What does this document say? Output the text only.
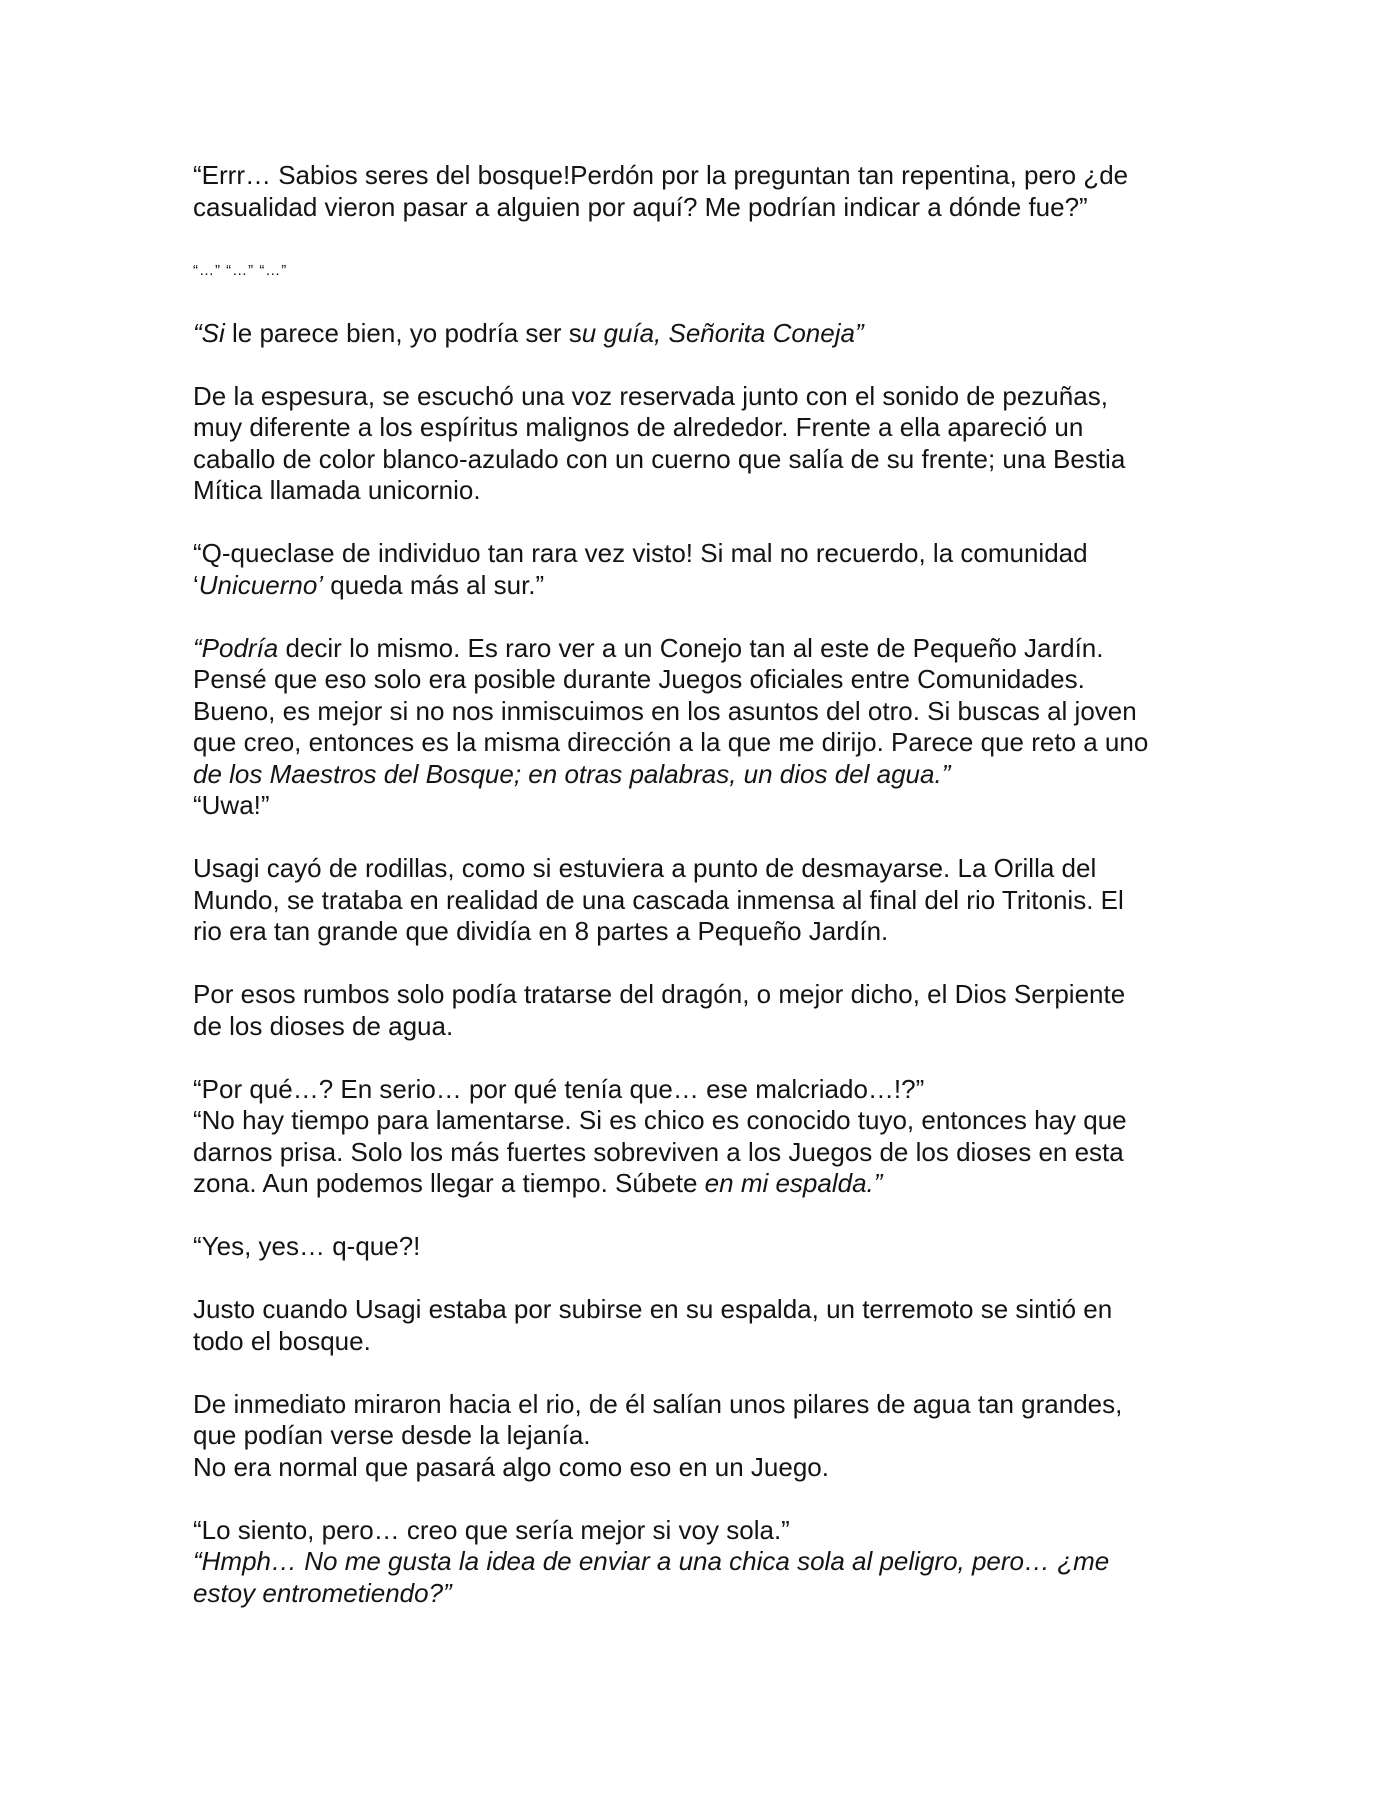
“Errr… Sabios seres del bosque!Perdón por la preguntan tan repentina, pero ¿de
casualidad vieron pasar a alguien por aquí? Me podrían indicar a dónde fue?”
“…” “…” “…”
“Si le parece bien, yo podría ser su guía, Señorita Coneja”
De la espesura, se escuchó una voz reservada junto con el sonido de pezuñas,
muy diferente a los espíritus malignos de alrededor. Frente a ella apareció un
caballo de color blanco-azulado con un cuerno que salía de su frente; una Bestia
Mítica llamada unicornio.
“Q-queclase de individuo tan rara vez visto! Si mal no recuerdo, la comunidad
‘Unicuerno’ queda más al sur.”
“Podría decir lo mismo. Es raro ver a un Conejo tan al este de Pequeño Jardín.
Pensé que eso solo era posible durante Juegos oficiales entre Comunidades.
Bueno, es mejor si no nos inmiscuimos en los asuntos del otro. Si buscas al joven
que creo, entonces es la misma dirección a la que me dirijo. Parece que reto a uno
de los Maestros del Bosque; en otras palabras, un dios del agua.”
“Uwa!”
Usagi cayó de rodillas, como si estuviera a punto de desmayarse. La Orilla del
Mundo, se trataba en realidad de una cascada inmensa al final del rio Tritonis. El
rio era tan grande que dividía en 8 partes a Pequeño Jardín.
Por esos rumbos solo podía tratarse del dragón, o mejor dicho, el Dios Serpiente
de los dioses de agua.
“Por qué…? En serio… por qué tenía que… ese malcriado…!?”
“No hay tiempo para lamentarse. Si es chico es conocido tuyo, entonces hay que
darnos prisa. Solo los más fuertes sobreviven a los Juegos de los dioses en esta
zona. Aun podemos llegar a tiempo. Súbete en mi espalda.”
“Yes, yes… q-que?!
Justo cuando Usagi estaba por subirse en su espalda, un terremoto se sintió en
todo el bosque.
De inmediato miraron hacia el rio, de él salían unos pilares de agua tan grandes,
que podían verse desde la lejanía.
No era normal que pasará algo como eso en un Juego.
“Lo siento, pero… creo que sería mejor si voy sola.”
“Hmph… No me gusta la idea de enviar a una chica sola al peligro, pero… ¿me
estoy entrometiendo?”
